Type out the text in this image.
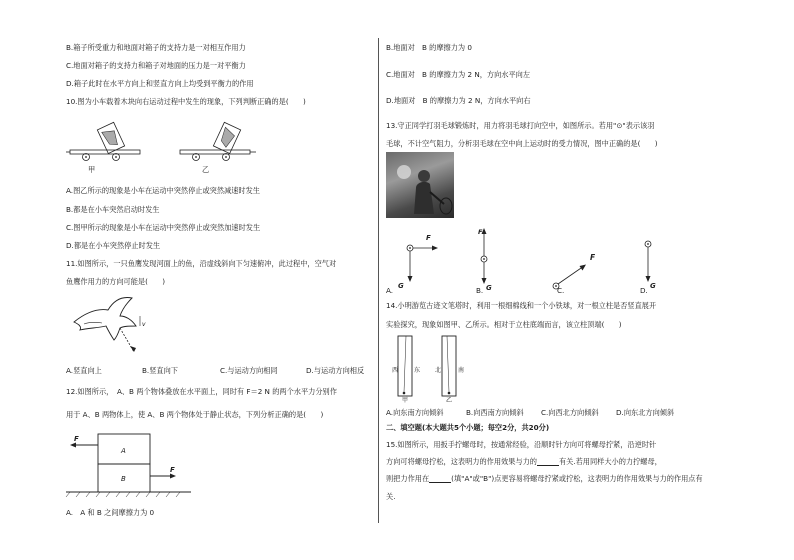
B.箱子所受重力和地面对箱子的支持力是一对相互作用力
C.地面对箱子的支持力和箱子对地面的压力是一对平衡力
D.箱子此时在水平方向上和竖直方向上均受到平衡力的作用
10.图为小车载着木块向右运动过程中发生的现象，下列判断正确的是(　　)
甲	乙
A.图乙所示的现象是小车在运动中突然停止或突然减速时发生
B.都是在小车突然启动时发生
C.图甲所示的现象是小车在运动中突然停止或突然加速时发生
D.都是在小车突然停止时发生
11.如图所示，一只鱼鹰发现河面上的鱼，沿虚线斜向下匀速俯冲，此过程中，空气对
鱼鹰作用力的方向可能是(　　)
v
A.竖直向上	B.竖直向下	C.与运动方向相同	D.与运动方向相反
12.如图所示，　A、B 两个物体叠放在水平面上，同时有 F＝2 N 的两个水平力分别作
用于 A、B 两物体上，使 A、B 两个物体处于静止状态，下列分析正确的是(　　)
A
B
F
F
A.　A 和 B 之间摩擦力为 0
B.地面对　B 的摩擦力为 0
C.地面对　B 的摩擦力为 2 N，方向水平向左
D.地面对　B 的摩擦力为 2 N，方向水平向右
13.守正同学打羽毛球锻炼时，用力将羽毛球打向空中，如图所示。若用"⊙"表示该羽
毛球，不计空气阻力，分析羽毛球在空中向上运动时的受力情况，图中正确的是(　　)
F
G
F
G
F
G
A.	B.	C.	D.
14.小明游览古迹文笔塔时，利用一根细棉线和一个小铁球，对一根立柱是否竖直展开
实验探究，现象如图甲、乙所示。相对于立柱底端而言，该立柱顶端(　　)
西	东 北	南
甲	乙
A.向东南方向倾斜	B.向西南方向倾斜 C.向西北方向倾斜 D.向东北方向倾斜
二、填空题(本大题共5个小题；每空2分，共20分)
15.如图所示，用扳手拧螺母时，按通常经验，沿顺时针方向可将螺母拧紧，沿逆时针
方向可将螺母拧松，这表明力的作用效果与力的	有关.若用同样大小的力拧螺母，
则把力作用在	(填"A"或"B")点更容易将螺母拧紧或拧松，这表明力的作用效果与力的作用点有
关.
